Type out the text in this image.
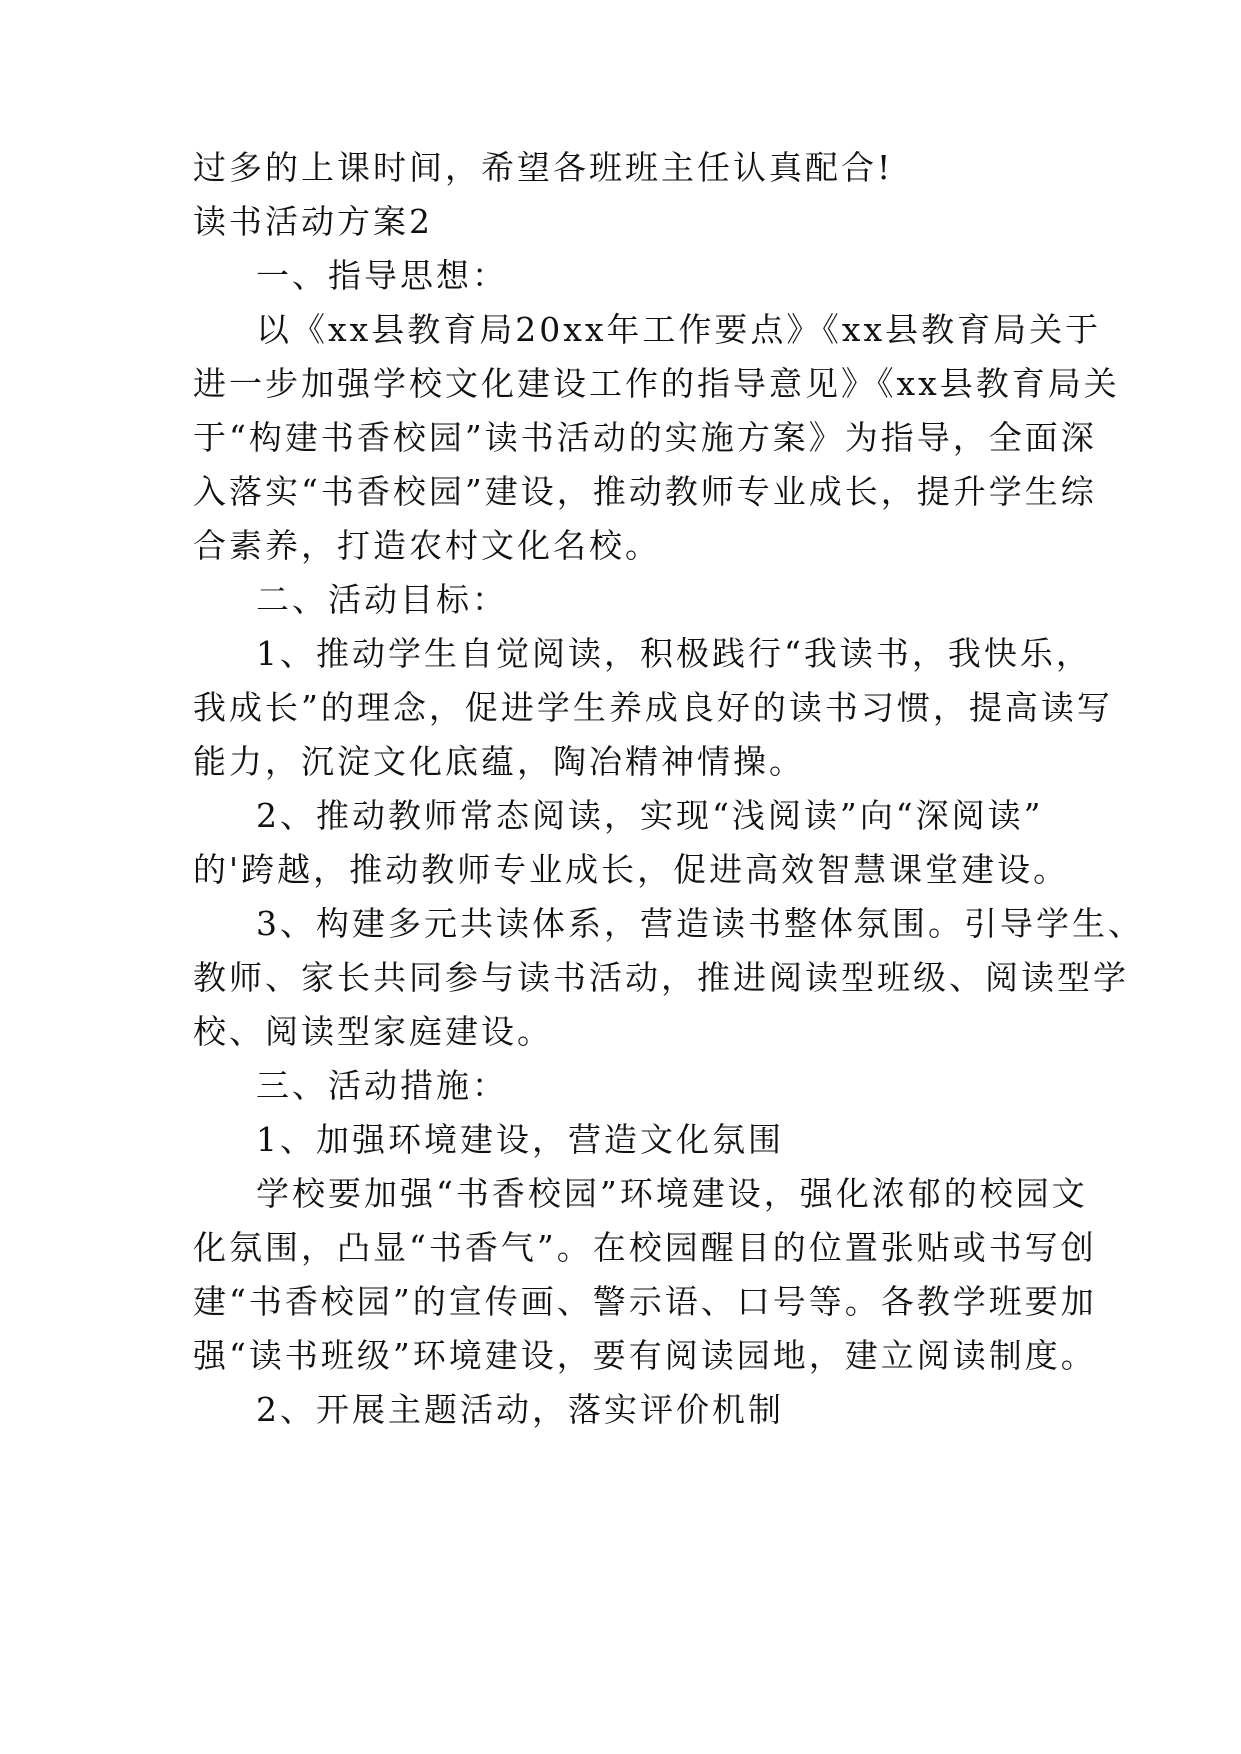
过多的上课时间，希望各班班主任认真配合!
读书活动方案2
一、指导思想：
以《xx县教育局20xx年工作要点》《xx县教育局关于
进一步加强学校文化建设工作的指导意见》《xx县教育局关
于“构建书香校园”读书活动的实施方案》为指导，全面深
入落实“书香校园”建设，推动教师专业成长，提升学生综
合素养，打造农村文化名校。
二、活动目标：
1、推动学生自觉阅读，积极践行“我读书，我快乐，
我成长”的理念，促进学生养成良好的读书习惯，提高读写
能力，沉淀文化底蕴，陶冶精神情操。
2、推动教师常态阅读，实现“浅阅读”向“深阅读”
的'跨越，推动教师专业成长，促进高效智慧课堂建设。
3、构建多元共读体系，营造读书整体氛围。引导学生、
教师、家长共同参与读书活动，推进阅读型班级、阅读型学
校、阅读型家庭建设。
三、活动措施：
1、加强环境建设，营造文化氛围
学校要加强“书香校园”环境建设，强化浓郁的校园文
化氛围，凸显“书香气”。在校园醒目的位置张贴或书写创
建“书香校园”的宣传画、警示语、口号等。各教学班要加
强“读书班级”环境建设，要有阅读园地，建立阅读制度。
2、开展主题活动，落实评价机制
